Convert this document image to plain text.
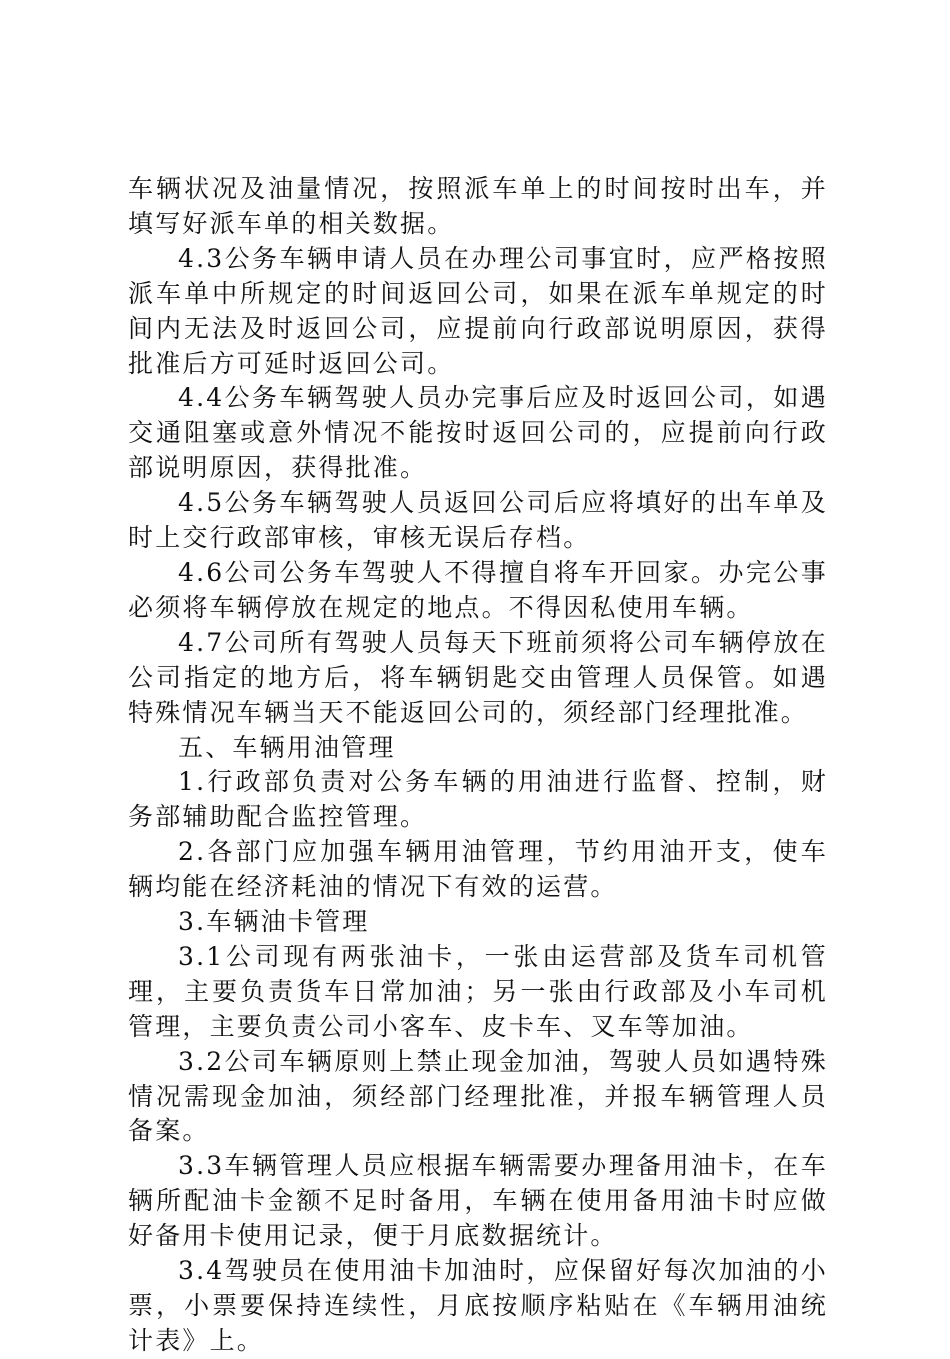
车辆状况及油量情况，按照派车单上的时间按时出车，并填写好派车单的相关数据。

4.3公务车辆申请人员在办理公司事宜时，应严格按照派车单中所规定的时间返回公司，如果在派车单规定的时间内无法及时返回公司，应提前向行政部说明原因，获得批准后方可延时返回公司。

4.4公务车辆驾驶人员办完事后应及时返回公司，如遇交通阻塞或意外情况不能按时返回公司的，应提前向行政部说明原因，获得批准。

4.5公务车辆驾驶人员返回公司后应将填好的出车单及时上交行政部审核，审核无误后存档。

4.6公司公务车驾驶人不得擅自将车开回家。办完公事必须将车辆停放在规定的地点。不得因私使用车辆。

4.7公司所有驾驶人员每天下班前须将公司车辆停放在公司指定的地方后，将车辆钥匙交由管理人员保管。如遇特殊情况车辆当天不能返回公司的，须经部门经理批准。

五、车辆用油管理

1.行政部负责对公务车辆的用油进行监督、控制，财务部辅助配合监控管理。

2.各部门应加强车辆用油管理，节约用油开支，使车辆均能在经济耗油的情况下有效的运营。

3.车辆油卡管理

3.1公司现有两张油卡，一张由运营部及货车司机管理，主要负责货车日常加油；另一张由行政部及小车司机管理，主要负责公司小客车、皮卡车、叉车等加油。

3.2公司车辆原则上禁止现金加油，驾驶人员如遇特殊情况需现金加油，须经部门经理批准，并报车辆管理人员备案。

3.3车辆管理人员应根据车辆需要办理备用油卡，在车辆所配油卡金额不足时备用，车辆在使用备用油卡时应做好备用卡使用记录，便于月底数据统计。

3.4驾驶员在使用油卡加油时，应保留好每次加油的小票，小票要保持连续性，月底按顺序粘贴在《车辆用油统计表》上。
